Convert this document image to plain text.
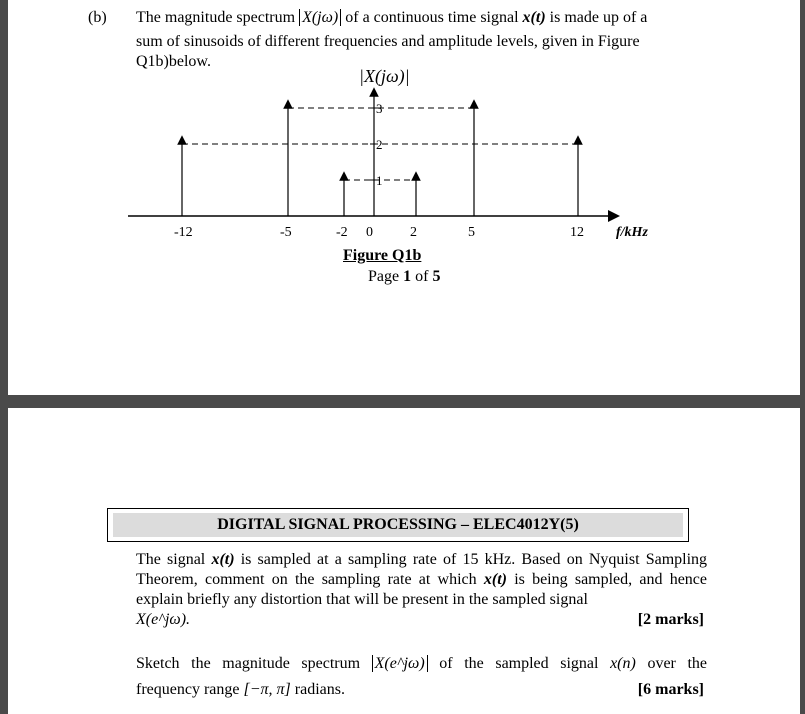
(b) The magnitude spectrum X(jω) of a continuous time signal x(t) is made up of a
sum of sinusoids of different frequencies and amplitude levels, given in Figure
Q1b)below.
1
2
3
-12	-5	-2 0	2	5	12 f/kHz
|X(jω)|
Figure Q1b
Page 1 of 5
DIGITAL SIGNAL PROCESSING – ELEC4012Y(5)
The signal x(t) is sampled at a sampling rate of 15 kHz. Based on Nyquist Sampling Theorem, comment on the sampling rate at which x(t) is being sampled, and hence explain briefly any distortion that will be present in the sampled signal
X(e^jω).	[2 marks]
Sketch the magnitude spectrum X(e^jω) of the sampled signal x(n) over the
frequency range [−π, π] radians.	[6 marks]
